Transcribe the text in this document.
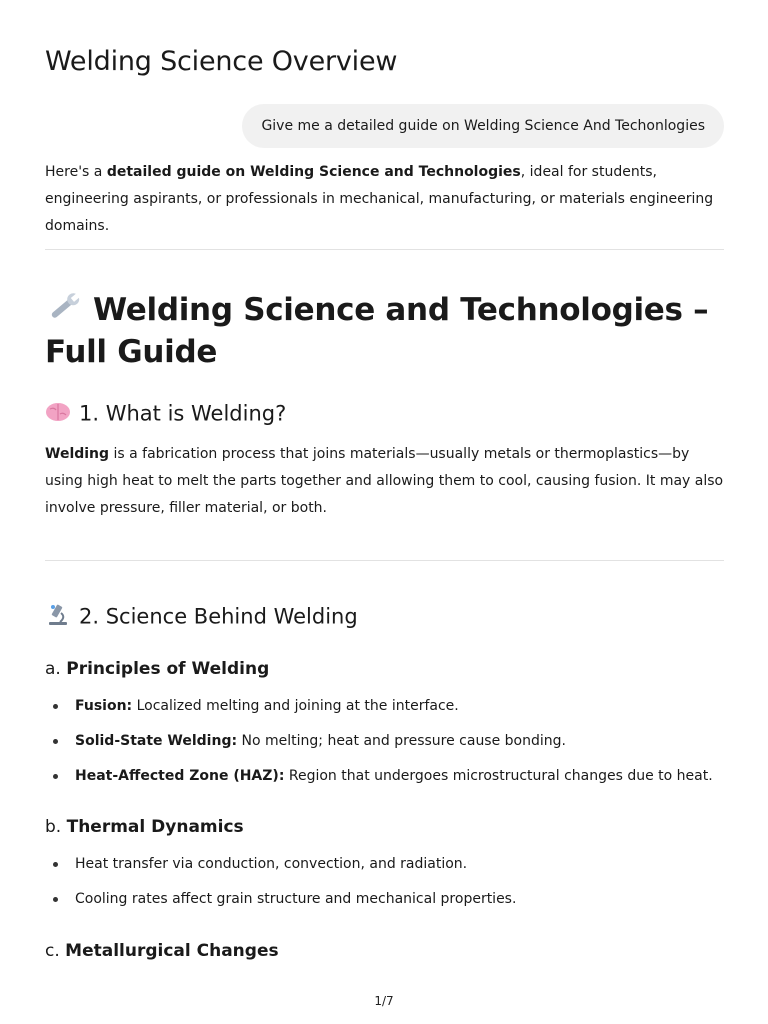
Welding Science Overview
Give me a detailed guide on Welding Science And Techonlogies

Here's a detailed guide on Welding Science and Technologies, ideal for students, engineering aspirants, or professionals in mechanical, manufacturing, or materials engineering domains.

Welding Science and Technologies – Full Guide
1. What is Welding?

Welding is a fabrication process that joins materials—usually metals or thermoplastics—by using high heat to melt the parts together and allowing them to cool, causing fusion. It may also involve pressure, filler material, or both.

2. Science Behind Welding
a. Principles of Welding
Fusion: Localized melting and joining at the interface.
Solid-State Welding: No melting; heat and pressure cause bonding.
Heat-Affected Zone (HAZ): Region that undergoes microstructural changes due to heat.
b. Thermal Dynamics
Heat transfer via conduction, convection, and radiation.
Cooling rates affect grain structure and mechanical properties.
c. Metallurgical Changes
1/7
